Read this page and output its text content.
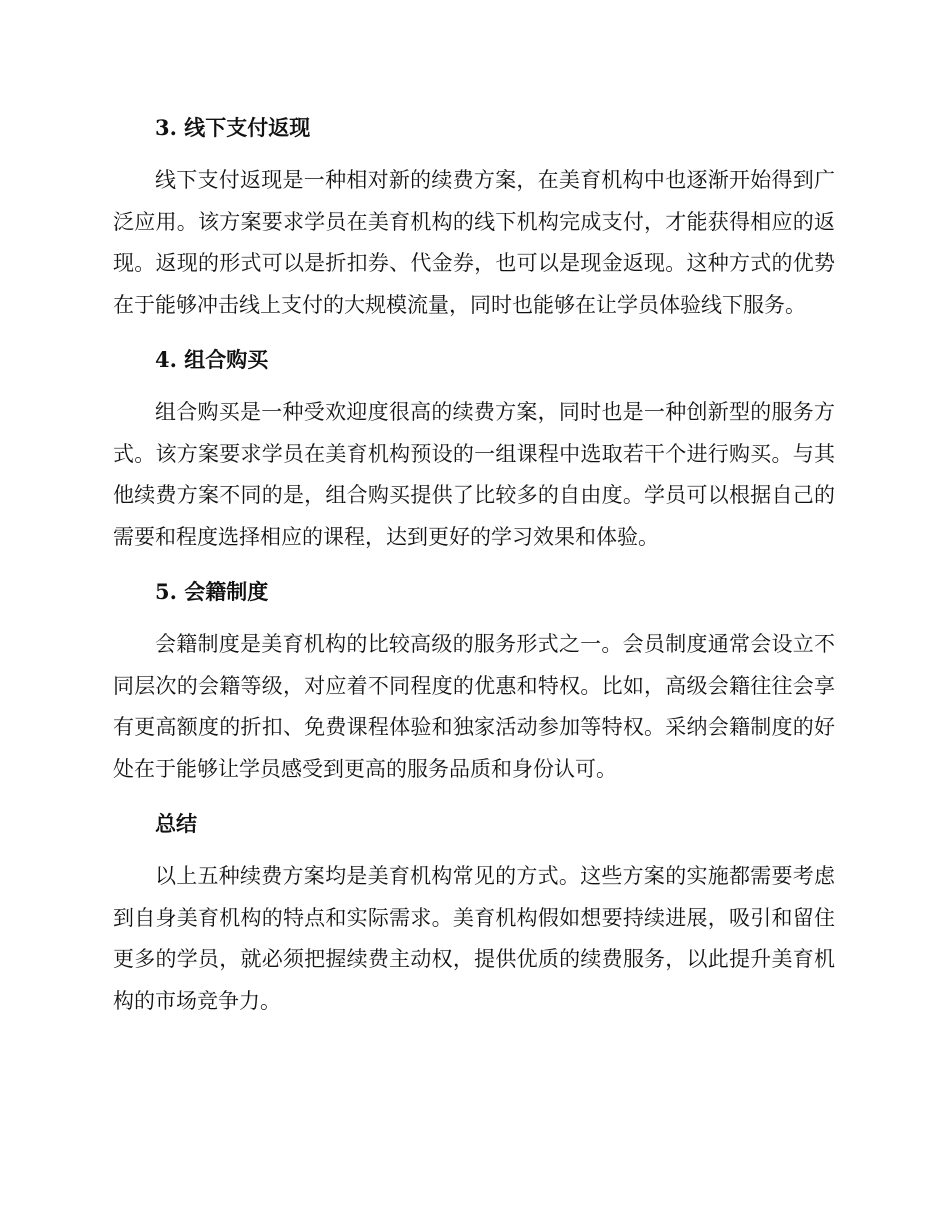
3. 线下支付返现

线下支付返现是一种相对新的续费方案，在美育机构中也逐渐开始得到广泛应用。该方案要求学员在美育机构的线下机构完成支付，才能获得相应的返现。返现的形式可以是折扣券、代金券，也可以是现金返现。这种方式的优势在于能够冲击线上支付的大规模流量，同时也能够在让学员体验线下服务。

4. 组合购买

组合购买是一种受欢迎度很高的续费方案，同时也是一种创新型的服务方式。该方案要求学员在美育机构预设的一组课程中选取若干个进行购买。与其他续费方案不同的是，组合购买提供了比较多的自由度。学员可以根据自己的需要和程度选择相应的课程，达到更好的学习效果和体验。

5. 会籍制度

会籍制度是美育机构的比较高级的服务形式之一。会员制度通常会设立不同层次的会籍等级，对应着不同程度的优惠和特权。比如，高级会籍往往会享有更高额度的折扣、免费课程体验和独家活动参加等特权。采纳会籍制度的好处在于能够让学员感受到更高的服务品质和身份认可。

总结

以上五种续费方案均是美育机构常见的方式。这些方案的实施都需要考虑到自身美育机构的特点和实际需求。美育机构假如想要持续进展，吸引和留住更多的学员，就必须把握续费主动权，提供优质的续费服务，以此提升美育机构的市场竞争力。
